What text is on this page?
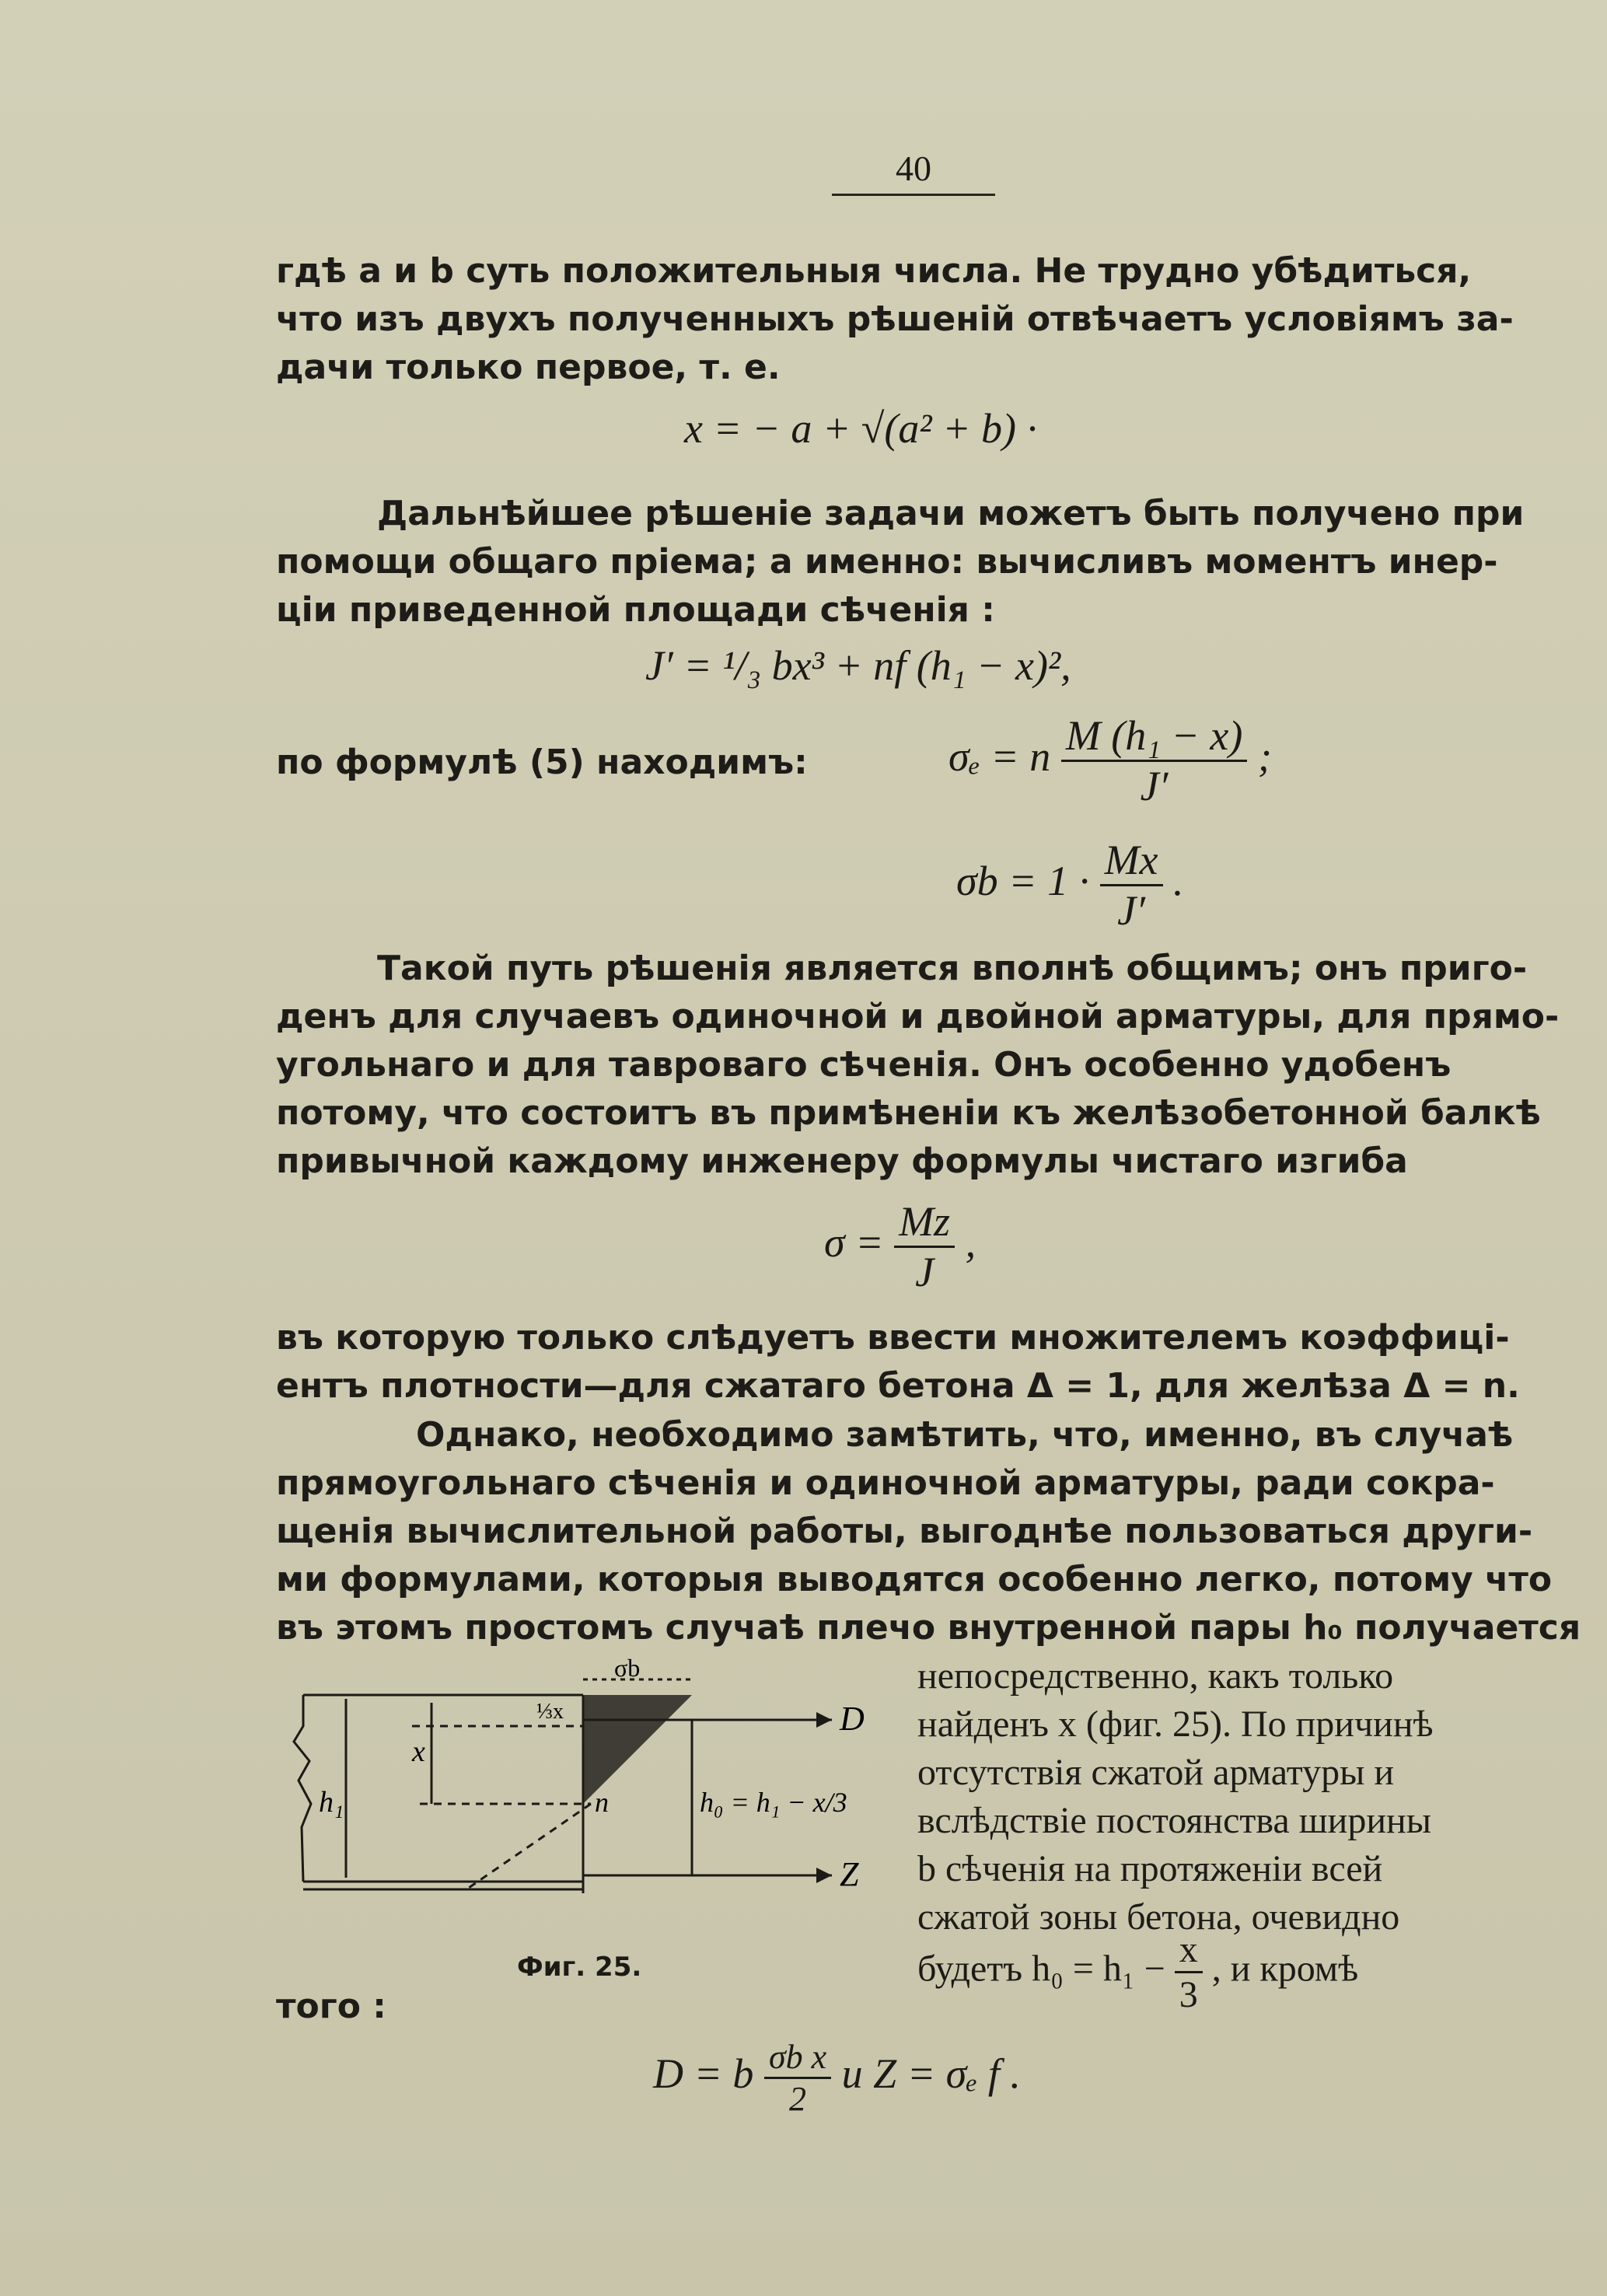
40
гдѣ a и b суть положительныя числа. Не трудно убѣдиться,
что изъ двухъ полученныхъ рѣшеній отвѣчаетъ условіямъ за-
дачи только первое, т. е.
x = − a + √(a² + b) ·
Дальнѣйшее рѣшеніе задачи можетъ быть получено при
помощи общаго пріема; а именно: вычисливъ моментъ инер-
ціи приведенной площади сѣченія :
J′ = ¹/₃ bx³ + nf (h₁ − x)²,
по формулѣ (5) находимъ:	σₑ = n $\frac{\text{M (h₁ − x)}}{J'}$ ;
$\sigma b = 1 \cdot \frac{Mx}{J'}$ .
Такой путь рѣшенія является вполнѣ общимъ; онъ приго-
денъ для случаевъ одиночной и двойной арматуры, для прямо-
угольнаго и для тавроваго сѣченія. Онъ особенно удобенъ
потому, что состоитъ въ примѣненіи къ желѣзобетонной балкѣ
привычной каждому инженеру формулы чистаго изгиба
$\sigma = \frac{Mz}{J}$ ,
въ которую только слѣдуетъ ввести множителемъ коэффиці-
ентъ плотности—для сжатаго бетона Δ = 1, для желѣза Δ = n.
Однако, необходимо замѣтить, что, именно, въ случаѣ
прямоугольнаго сѣченія и одиночной арматуры, ради сокра-
щенія вычислительной работы, выгоднѣе пользоваться други-
ми формулами, которыя выводятся особенно легко, потому что
въ этомъ простомъ случаѣ плечо внутренной пары h₀ получается
непосредственно, какъ только
найденъ x (фиг. 25). По причинѣ
отсутствія сжатой арматуры и
вслѣдствіе постоянства ширины
b сѣченія на протяженіи всей
сжатой зоны бетона, очевидно
будетъ $h_0 = h_1 - \frac{x}{3}$ , и кромѣ
того :
D = b $\frac{\text{σb x}}{2}$ и Z = σₑ f .
σb
⅓x
x
h₁	n	h₀ = h₁ − x/3
D
Z
Фиг. 25.
